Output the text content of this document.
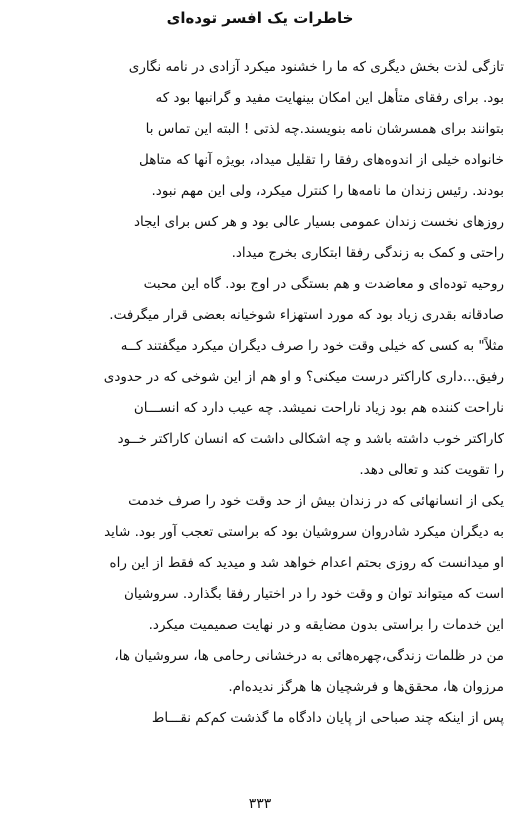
خاطرات یک افسر توده‌ای
تازگی لذت بخش دیگری که ما را خشنود میکرد آزادی در نامه نگاری
بود. برای رفقای متأهل این امکان بینهایت مفید و گرانبها بود که
بتوانند برای همسرشان نامه بنویسند.چه لذتی ! البته این تماس با
خانواده خیلی از اندوه‌های رفقا را تقلیل میداد، بویژه آنها که متاهل
بودند. رئیس زندان ما نامه‌ها را کنترل میکرد، ولی این مهم نبود.
روزهای نخست زندان عمومی بسیار عالی بود و هر کس برای ایجاد
راحتی و کمک به زندگی رفقا ابتکاری بخرج میداد.
روحیه توده‌ای و معاضدت و هم بستگی در اوج بود. گاه این محبت
صادقانه بقدری زیاد بود که مورد استهزاء شوخیانه بعضی قرار میگرفت.
مثلاً" به کسی که خیلی وقت خود را صرف دیگران میکرد میگفتند کــه
رفیق...داری کاراکتر درست میکنی؟ و او هم از این شوخی که در حدودی
ناراحت کننده هم بود زیاد ناراحت نمیشد. چه عیب دارد که انســـان
کاراکتر خوب داشته باشد و چه اشکالی داشت که انسان کاراکتر خــود
را تقویت کند و تعالی دهد.
یکی از انسانهائی که در زندان بیش از حد وقت خود را صرف خدمت
به دیگران میکرد شادروان سروشیان بود که براستی تعجب آور بود. شاید
او میدانست که روزی بحتم اعدام خواهد شد و میدید که فقط از این راه
است که میتواند توان و وقت خود را در اختیار رفقا بگذارد. سروشیان
این خدمات را براستی بدون مضایقه و در نهایت صمیمیت میکرد.
من در ظلمات زندگی،چهره‌هائی به درخشانی رحامی ها، سروشیان ها،
مرزوان ها، محقق‌ها و فرشچیان ها هرگز ندیده‌ام.
پس از اینکه چند صباحی از پایان دادگاه ما گذشت کم‌کم نقـــاط
۳۳۳
